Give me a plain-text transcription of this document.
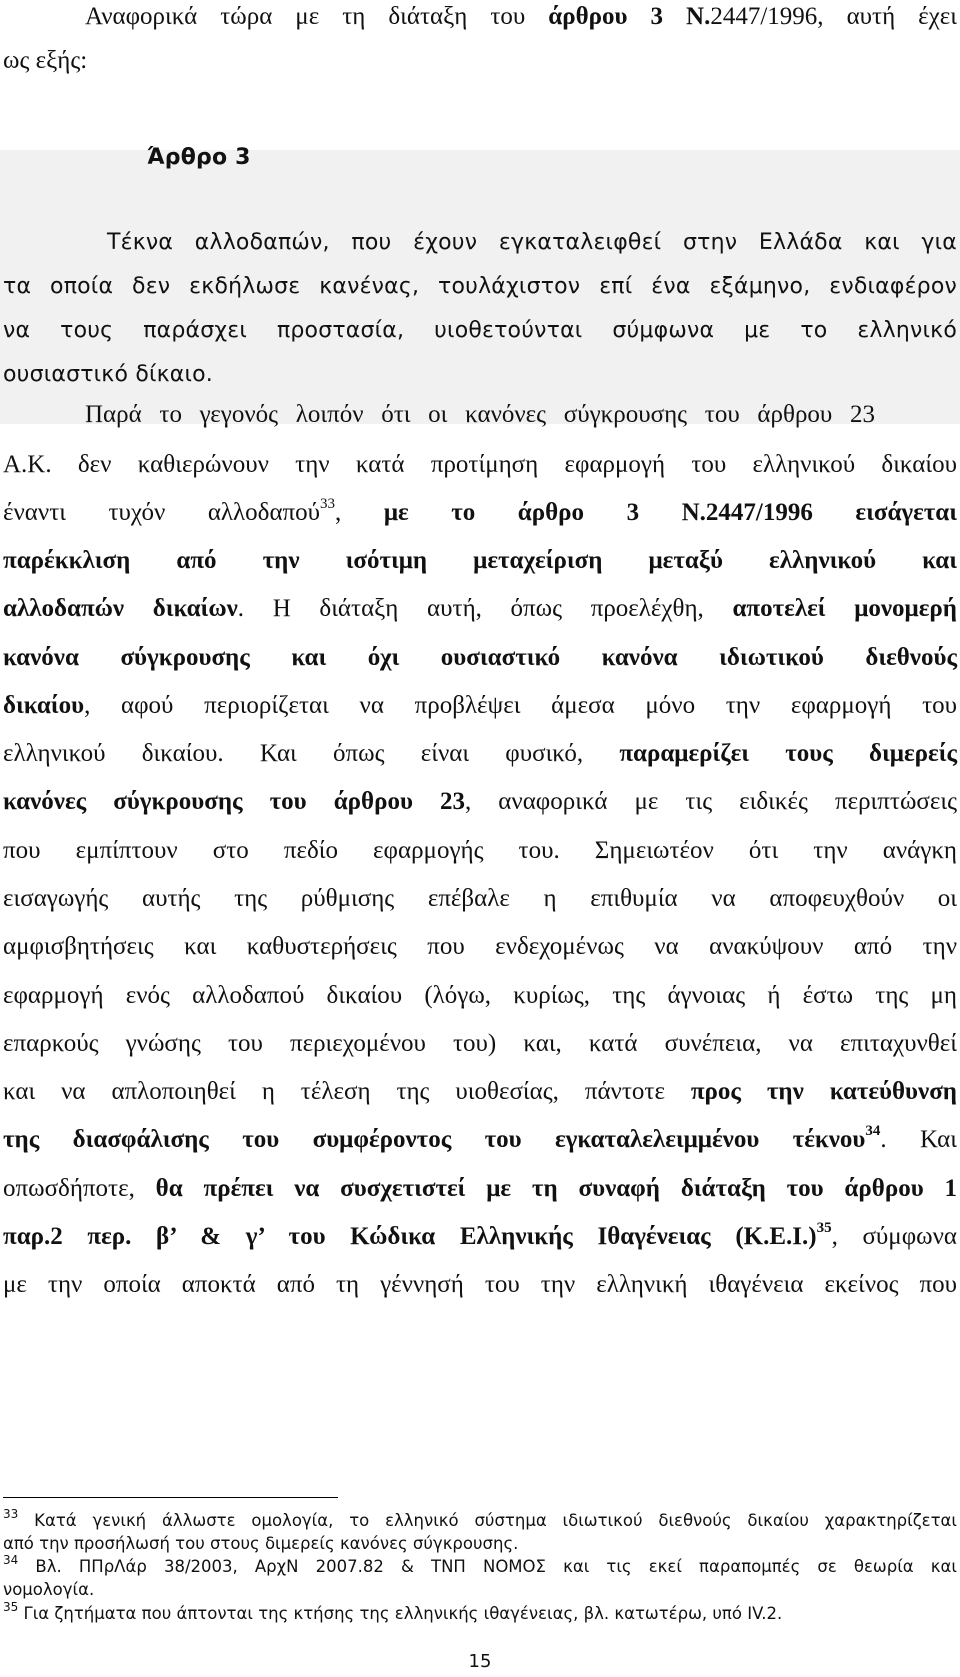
Αναφορικά τώρα με τη διάταξη του άρθρου 3 Ν.2447/1996, αυτή έχει
ως εξής:
Άρθρο 3
Τέκνα αλλοδαπών, που έχουν εγκαταλειφθεί στην Ελλάδα και για
τα οποία δεν εκδήλωσε κανένας, τουλάχιστον επί ένα εξάμηνο, ενδιαφέρον
να τους παράσχει προστασία, υιοθετούνται σύμφωνα με το ελληνικό
ουσιαστικό δίκαιο.
Παρά το γεγονός λοιπόν ότι οι κανόνες σύγκρουσης του άρθρου 23
Α.Κ. δεν καθιερώνουν την κατά προτίμηση εφαρμογή του ελληνικού δικαίου
έναντι τυχόν αλλοδαπού$^{33}$, με το άρθρο 3 Ν.2447/1996 εισάγεται
παρέκκλιση από την ισότιμη μεταχείριση μεταξύ ελληνικού και
αλλοδαπών δικαίων. Η διάταξη αυτή, όπως προελέχθη, αποτελεί μονομερή
κανόνα σύγκρουσης και όχι ουσιαστικό κανόνα ιδιωτικού διεθνούς
δικαίου, αφού περιορίζεται να προβλέψει άμεσα μόνο την εφαρμογή του
ελληνικού δικαίου. Και όπως είναι φυσικό, παραμερίζει τους διμερείς
κανόνες σύγκρουσης του άρθρου 23, αναφορικά με τις ειδικές περιπτώσεις
που εμπίπτουν στο πεδίο εφαρμογής του. Σημειωτέον ότι την ανάγκη
εισαγωγής αυτής της ρύθμισης επέβαλε η επιθυμία να αποφευχθούν οι
αμφισβητήσεις και καθυστερήσεις που ενδεχομένως να ανακύψουν από την
εφαρμογή ενός αλλοδαπού δικαίου (λόγω, κυρίως, της άγνοιας ή έστω της μη
επαρκούς γνώσης του περιεχομένου του) και, κατά συνέπεια, να επιταχυνθεί
και να απλοποιηθεί η τέλεση της υιοθεσίας, πάντοτε προς την κατεύθυνση
της διασφάλισης του συμφέροντος του εγκαταλελειμμένου τέκνου$^{34}$. Και
οπωσδήποτε, θα πρέπει να συσχετιστεί με τη συναφή διάταξη του άρθρου 1
παρ.2 περ. β’ & γ’ του Κώδικα Ελληνικής Ιθαγένειας $(K.E.I.)^{35}$, σύμφωνα
με την οποία αποκτά από τη γέννησή του την ελληνική ιθαγένεια εκείνος που
$^{33}$ Κατά γενική άλλωστε ομολογία, το ελληνικό σύστημα ιδιωτικού διεθνούς δικαίου χαρακτηρίζεται
από την προσήλωσή του στους διμερείς κανόνες σύγκρουσης.
$^{34}$ Βλ. ΠΠρΛάρ 38/2003, ΑρχΝ 2007.82 & ΤΝΠ ΝΟΜΟΣ και τις εκεί παραπομπές σε θεωρία και
νομολογία.
$^{35}$ Για ζητήματα που άπτονται της κτήσης της ελληνικής ιθαγένειας, βλ. κατωτέρω, υπό IV.2.
15
